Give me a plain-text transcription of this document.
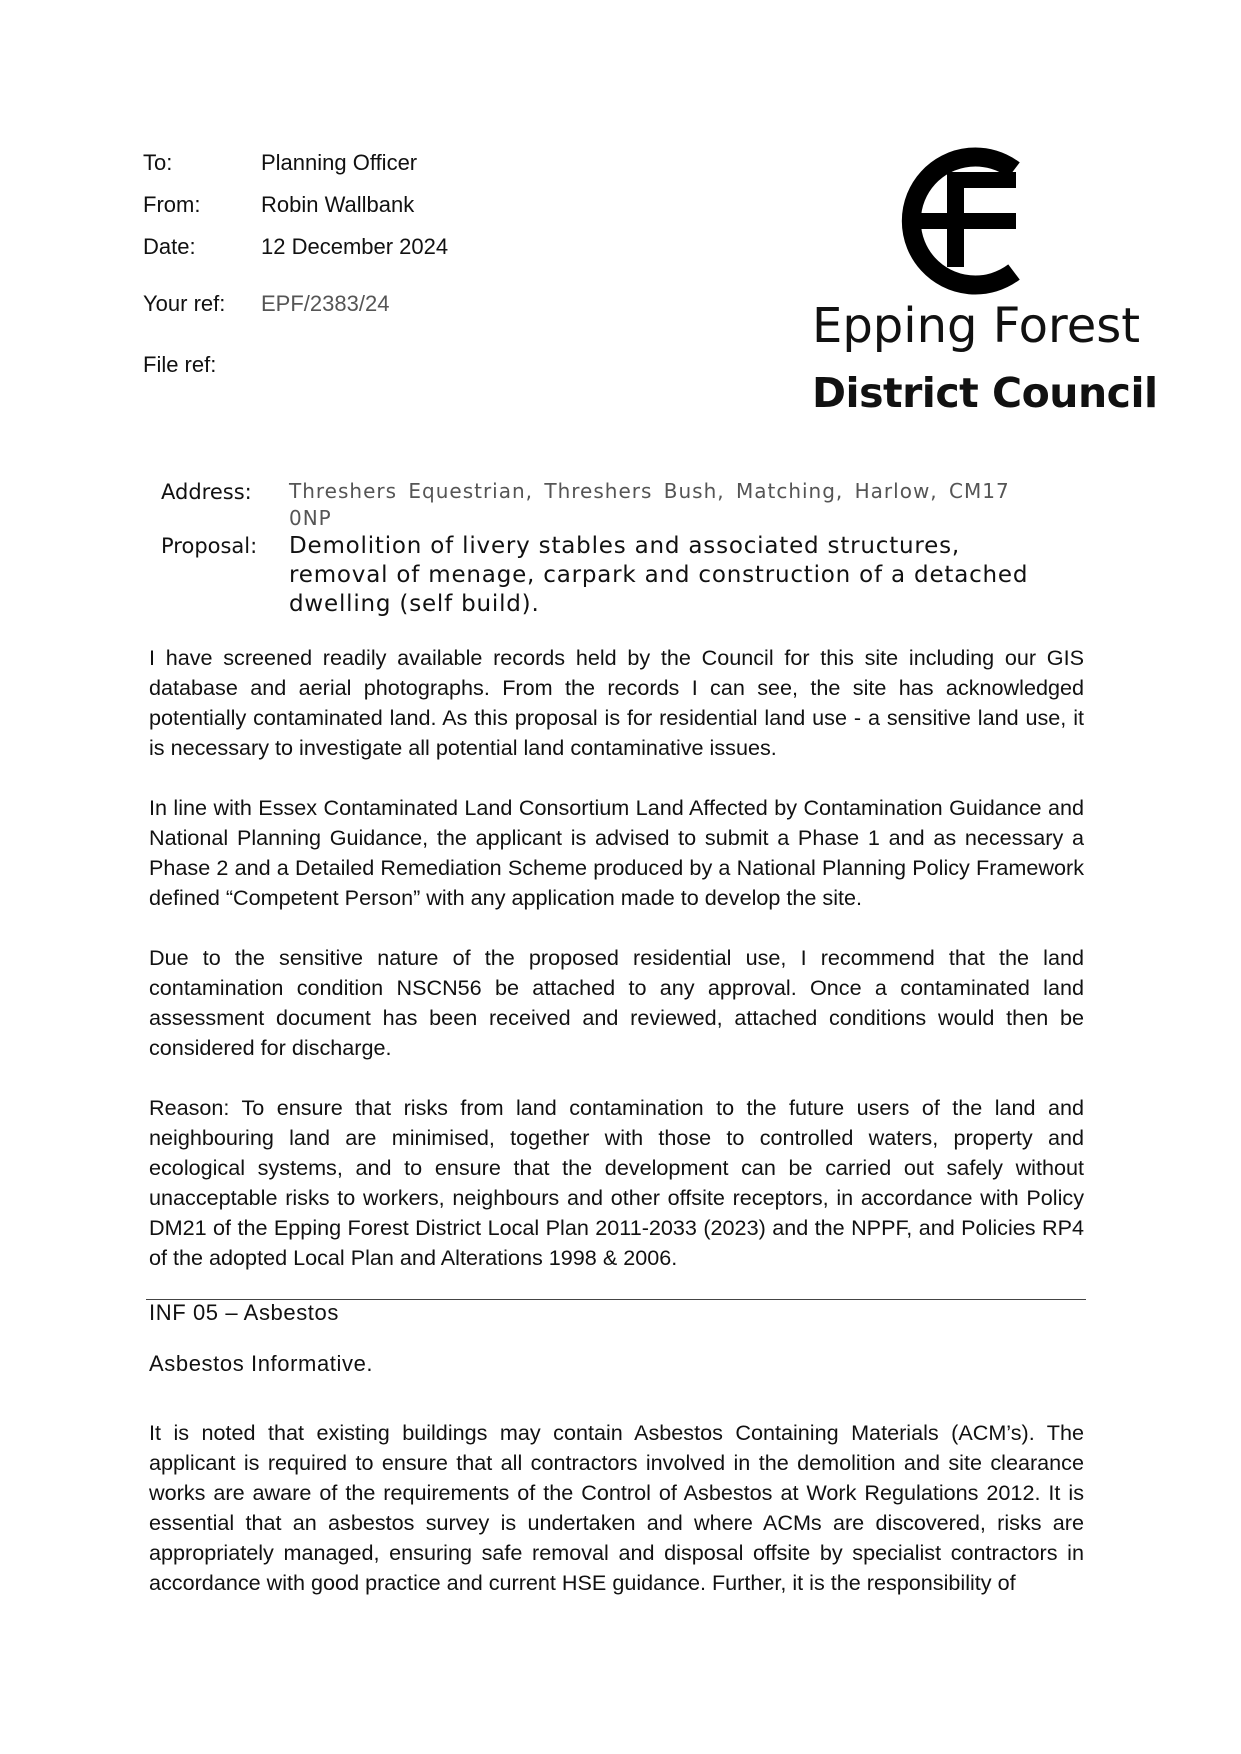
To:	Planning Officer
From:	Robin Wallbank
Date:	12 December 2024
Your ref: EPF/2383/24
File ref:
Epping Forest
District Council
Address: Threshers Equestrian, Threshers Bush, Matching, Harlow, CM17 0NP
Proposal: Demolition of livery stables and associated structures, removal of menage, carpark and construction of a detached dwelling (self build).

I have screened readily available records held by the Council for this site including our GIS database and aerial photographs. From the records I can see, the site has acknowledged potentially contaminated land. As this proposal is for residential land use - a sensitive land use, it is necessary to investigate all potential land contaminative issues.

In line with Essex Contaminated Land Consortium Land Affected by Contamination Guidance and National Planning Guidance, the applicant is advised to submit a Phase 1 and as necessary a Phase 2 and a Detailed Remediation Scheme produced by a National Planning Policy Framework defined “Competent Person” with any application made to develop the site.

Due to the sensitive nature of the proposed residential use, I recommend that the land contamination condition NSCN56 be attached to any approval. Once a contaminated land assessment document has been received and reviewed, attached conditions would then be considered for discharge.

Reason: To ensure that risks from land contamination to the future users of the land and neighbouring land are minimised, together with those to controlled waters, property and ecological systems, and to ensure that the development can be carried out safely without unacceptable risks to workers, neighbours and other offsite receptors, in accordance with Policy DM21 of the Epping Forest District Local Plan 2011-2033 (2023) and the NPPF, and Policies RP4 of the adopted Local Plan and Alterations 1998 & 2006.

INF 05 – Asbestos
Asbestos Informative.

It is noted that existing buildings may contain Asbestos Containing Materials (ACM’s). The applicant is required to ensure that all contractors involved in the demolition and site clearance works are aware of the requirements of the Control of Asbestos at Work Regulations 2012. It is essential that an asbestos survey is undertaken and where ACMs are discovered, risks are appropriately managed, ensuring safe removal and disposal offsite by specialist contractors in accordance with good practice and current HSE guidance. Further, it is the responsibility of
